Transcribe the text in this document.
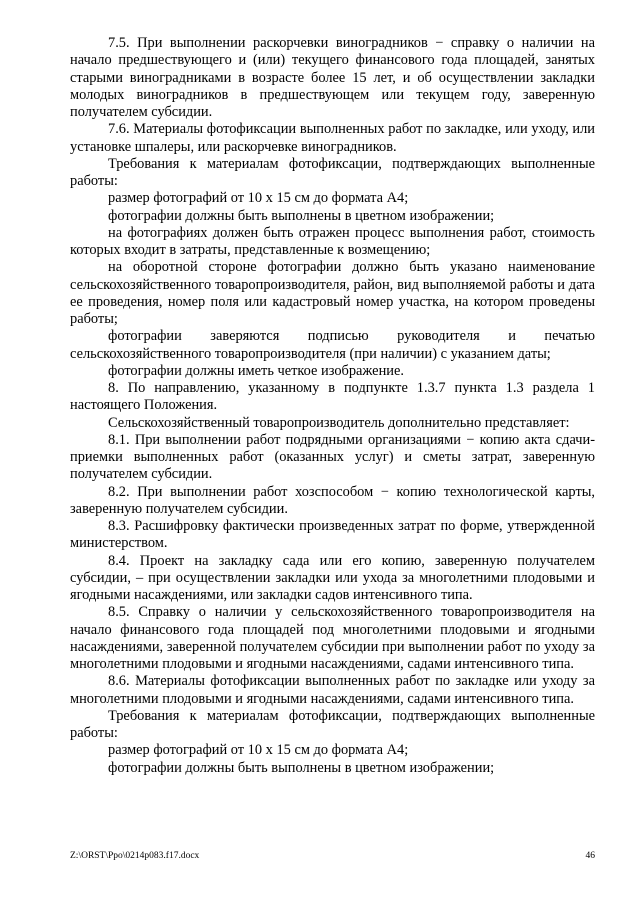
7.5. При выполнении раскорчевки виноградников − справку о наличии на начало предшествующего и (или) текущего финансового года площадей, занятых старыми виноградниками в возрасте более 15 лет, и об осуществлении закладки молодых виноградников в предшествующем или текущем году, заверенную получателем субсидии.

7.6. Материалы фотофиксации выполненных работ по закладке, или уходу, или установке шпалеры, или раскорчевке виноградников.

Требования к материалам фотофиксации, подтверждающих выполненные работы:

размер фотографий от 10 х 15 см до формата А4;

фотографии должны быть выполнены в цветном изображении;

на фотографиях должен быть отражен процесс выполнения работ, стоимость которых входит в затраты, представленные к возмещению;

на оборотной стороне фотографии должно быть указано наименование сельскохозяйственного товаропроизводителя, район, вид выполняемой работы и дата ее проведения, номер поля или кадастровый номер участка, на котором проведены работы;

фотографии заверяются подписью руководителя и печатью сельскохозяйственного товаропроизводителя (при наличии) с указанием даты;

фотографии должны иметь четкое изображение.

8. По направлению, указанному в подпункте 1.3.7 пункта 1.3 раздела 1 настоящего Положения.

Сельскохозяйственный товаропроизводитель дополнительно представляет:

8.1. При выполнении работ подрядными организациями − копию акта сдачи-приемки выполненных работ (оказанных услуг) и сметы затрат, заверенную получателем субсидии.

8.2. При выполнении работ хозспособом − копию технологической карты, заверенную получателем субсидии.

8.3. Расшифровку фактически произведенных затрат по форме, утвержденной министерством.

8.4. Проект на закладку сада или его копию, заверенную получателем субсидии, – при осуществлении закладки или ухода за многолетними плодовыми и ягодными насаждениями, или закладки садов интенсивного типа.

8.5. Справку о наличии у сельскохозяйственного товаропроизводителя на начало финансового года площадей под многолетними плодовыми и ягодными насаждениями, заверенной получателем субсидии при выполнении работ по уходу за многолетними плодовыми и ягодными насаждениями, садами интенсивного типа.

8.6. Материалы фотофиксации выполненных работ по закладке или уходу за многолетними плодовыми и ягодными насаждениями, садами интенсивного типа.

Требования к материалам фотофиксации, подтверждающих выполненные работы:

размер фотографий от 10 х 15 см до формата А4;

фотографии должны быть выполнены в цветном изображении;

Z:\ORST\Ppo\0214p083.f17.docx	46
